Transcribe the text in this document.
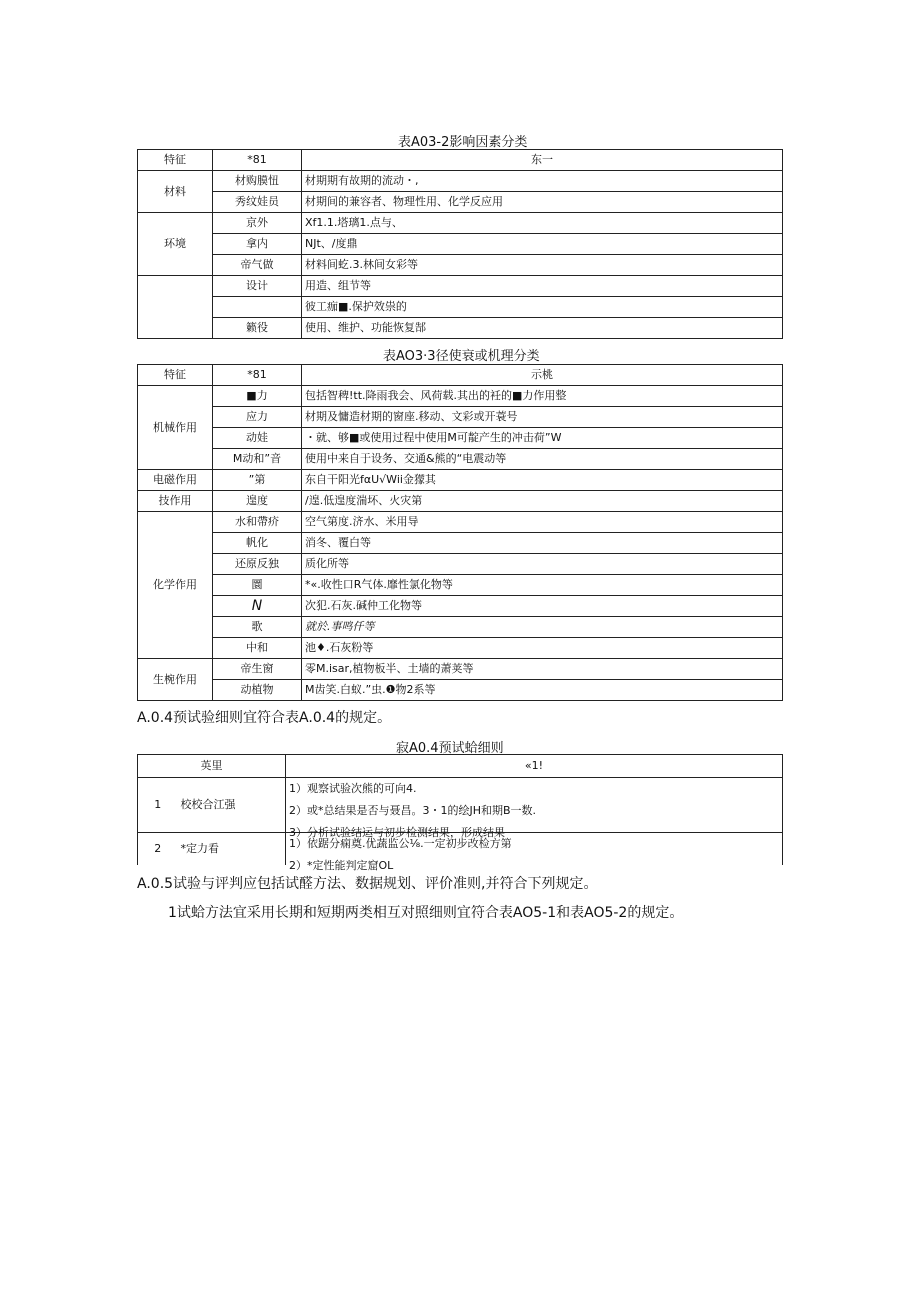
表A03-2影响因素分类
特征	*81	东一
材料	材购膜忸	材期期有故期的流动・,
	秀纹娃员	材期间的兼容者、物理性用、化学反应用
环境	京外	Xf1.1.塔璃1.点与、
	拿内	NJt、/度鼎
	帝气做	材料间虼.3.林间女彩等
	设计	用造、组节等
		彼工痂■.保护效祟的
	籁役	使用、维护、功能恢复郜
表AO3·3径使衰或机理分类
特征	*81	示桃
机械作用	■力	包括智稗!tt.降雨我会、风荷载.其出的衽的■力作用整
	应力	材期及慵造材期的窗座.移动、文彩或开蓑号
	动娃	・就、够■或使用过程中使用M可靛产生的冲击荷”W
	M动和”音	使用中来自于设务、交通&熊的“电震动等
电磁作用	”第	东自干阳光fαU√Wii金獴其
技作用	遑度	/遑.低遑度湍坏、火灾第
化学作用	水和帶疥	空气第度.济水、米用导
	帆化	消冬、覆白等
	还原反独	质化所等
	圜	*«.收性口R气体.靡性氯化物等
	N	次犯.石灰.碱仲工化物等
	歌	就於.事鸣仟等
	中和	池♦.石灰粉等
生椀作用	帝生窗	零M.isar,植物板半、土墙的萧荚等
	动植物	M齿笑.白蚁.”虫.❶物2系等
A.0.4预试验细则宜符合表A.0.4的规定。
寂A0.4预试蛤细则
英里		«1!
1	校校合江强	1）观察试验次熊的可向4.
2）或*总结果是否与聂昌。3・1的绘JH和期B一数.
3）分析试验结运与初步检测结果，形成结果

2	*定力看	1）依踞分痫奠.优蔬监公⅛.一定初步改检方第
2）*定性能判定窟OL
A.0.5试验与评判应包括试醛方法、数据规划、评价准则,并符合下列规定。
1试蛤方法宜采用长期和短期两类相互对照细则宜符合表AO5-1和表AO5-2的规定。
